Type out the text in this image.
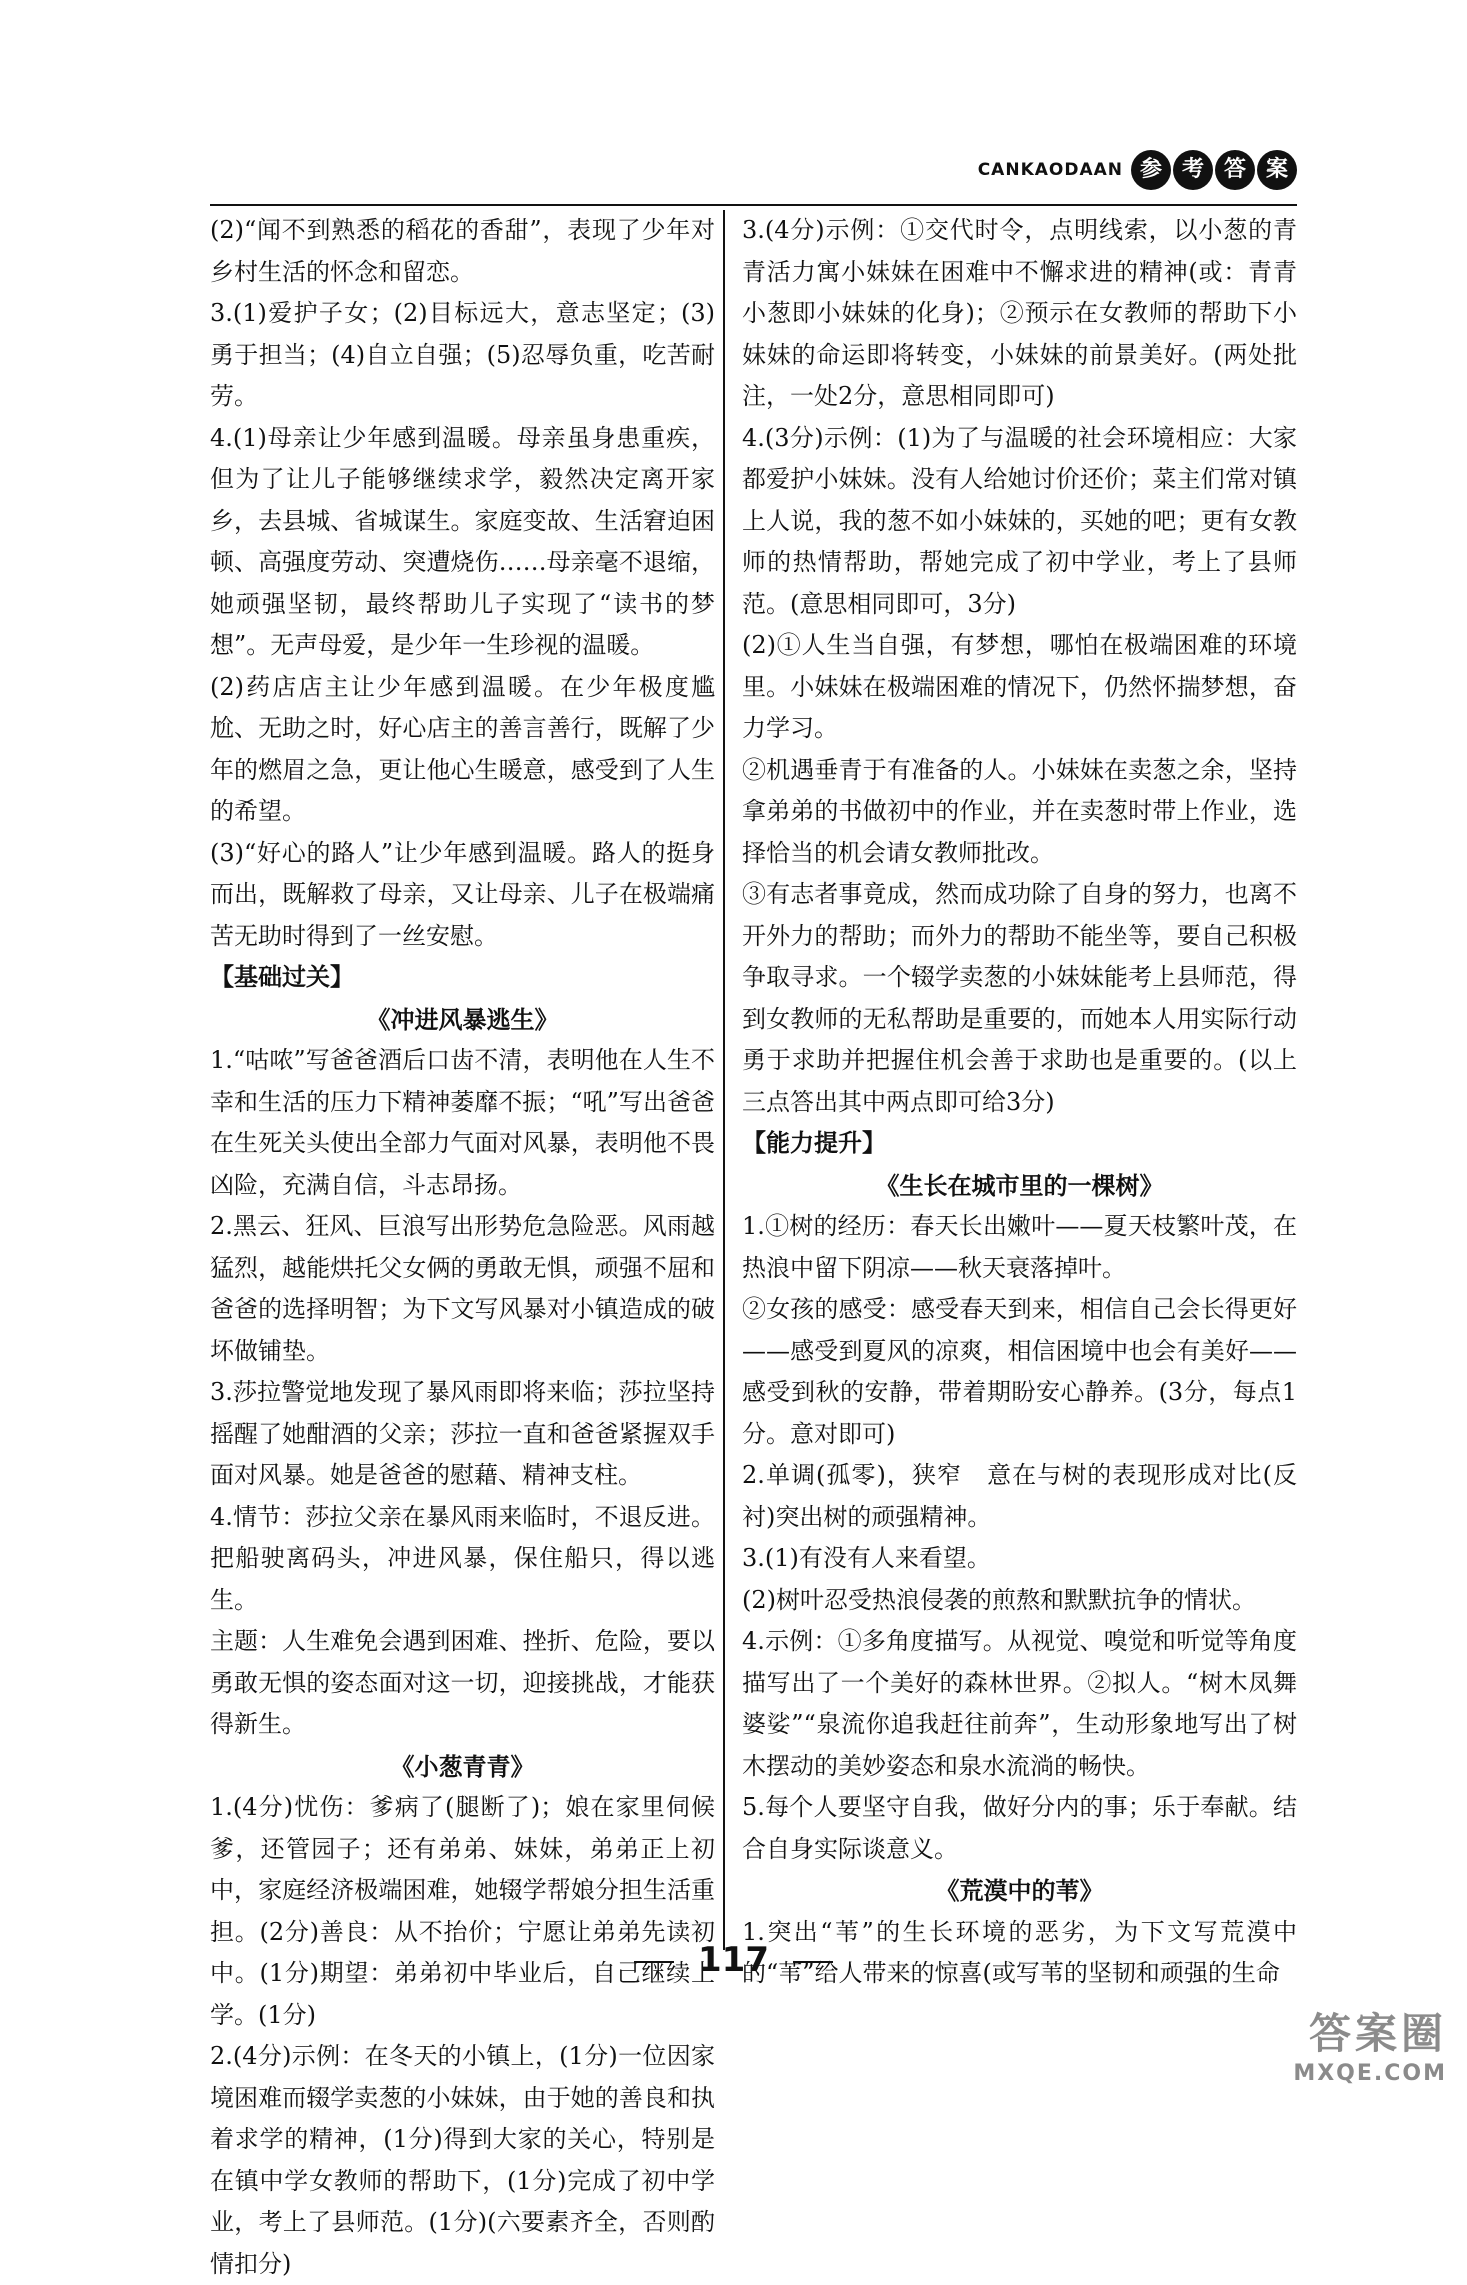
CANKAODAAN 参 考 答 案

(2)“闻不到熟悉的稻花的香甜”，表现了少年对乡村生活的怀念和留恋。

3.(1)爱护子女；(2)目标远大，意志坚定；(3)勇于担当；(4)自立自强；(5)忍辱负重，吃苦耐劳。

4.(1)母亲让少年感到温暖。母亲虽身患重疾，但为了让儿子能够继续求学，毅然决定离开家乡，去县城、省城谋生。家庭变故、生活窘迫困顿、高强度劳动、突遭烧伤……母亲毫不退缩，她顽强坚韧，最终帮助儿子实现了“读书的梦想”。无声母爱，是少年一生珍视的温暖。

(2)药店店主让少年感到温暖。在少年极度尴尬、无助之时，好心店主的善言善行，既解了少年的燃眉之急，更让他心生暖意，感受到了人生的希望。

(3)“好心的路人”让少年感到温暖。路人的挺身而出，既解救了母亲，又让母亲、儿子在极端痛苦无助时得到了一丝安慰。

【基础过关】

《冲进风暴逃生》

1.“咕哝”写爸爸酒后口齿不清，表明他在人生不幸和生活的压力下精神萎靡不振；“吼”写出爸爸在生死关头使出全部力气面对风暴，表明他不畏凶险，充满自信，斗志昂扬。

2.黑云、狂风、巨浪写出形势危急险恶。风雨越猛烈，越能烘托父女俩的勇敢无惧，顽强不屈和爸爸的选择明智；为下文写风暴对小镇造成的破坏做铺垫。

3.莎拉警觉地发现了暴风雨即将来临；莎拉坚持摇醒了她酣酒的父亲；莎拉一直和爸爸紧握双手面对风暴。她是爸爸的慰藉、精神支柱。

4.情节：莎拉父亲在暴风雨来临时，不退反进。把船驶离码头，冲进风暴，保住船只，得以逃生。

主题：人生难免会遇到困难、挫折、危险，要以勇敢无惧的姿态面对这一切，迎接挑战，才能获得新生。

《小葱青青》

1.(4分)忧伤：爹病了(腿断了)；娘在家里伺候爹，还管园子；还有弟弟、妹妹，弟弟正上初中，家庭经济极端困难，她辍学帮娘分担生活重担。(2分)善良：从不抬价；宁愿让弟弟先读初中。(1分)期望：弟弟初中毕业后，自己继续上学。(1分)

2.(4分)示例：在冬天的小镇上，(1分)一位因家境困难而辍学卖葱的小妹妹，由于她的善良和执着求学的精神，(1分)得到大家的关心，特别是在镇中学女教师的帮助下，(1分)完成了初中学业，考上了县师范。(1分)(六要素齐全，否则酌情扣分)

3.(4分)示例：①交代时令，点明线索，以小葱的青青活力寓小妹妹在困难中不懈求进的精神(或：青青小葱即小妹妹的化身)；②预示在女教师的帮助下小妹妹的命运即将转变，小妹妹的前景美好。(两处批注，一处2分，意思相同即可)

4.(3分)示例：(1)为了与温暖的社会环境相应：大家都爱护小妹妹。没有人给她讨价还价；菜主们常对镇上人说，我的葱不如小妹妹的，买她的吧；更有女教师的热情帮助，帮她完成了初中学业，考上了县师范。(意思相同即可，3分)

(2)①人生当自强，有梦想，哪怕在极端困难的环境里。小妹妹在极端困难的情况下，仍然怀揣梦想，奋力学习。

②机遇垂青于有准备的人。小妹妹在卖葱之余，坚持拿弟弟的书做初中的作业，并在卖葱时带上作业，选择恰当的机会请女教师批改。

③有志者事竟成，然而成功除了自身的努力，也离不开外力的帮助；而外力的帮助不能坐等，要自己积极争取寻求。一个辍学卖葱的小妹妹能考上县师范，得到女教师的无私帮助是重要的，而她本人用实际行动勇于求助并把握住机会善于求助也是重要的。(以上三点答出其中两点即可给3分)

【能力提升】

《生长在城市里的一棵树》

1.①树的经历：春天长出嫩叶——夏天枝繁叶茂，在热浪中留下阴凉——秋天衰落掉叶。

②女孩的感受：感受春天到来，相信自己会长得更好——感受到夏风的凉爽，相信困境中也会有美好——感受到秋的安静，带着期盼安心静养。(3分，每点1分。意对即可)

2.单调(孤零)，狭窄　意在与树的表现形成对比(反衬)突出树的顽强精神。

3.(1)有没有人来看望。

(2)树叶忍受热浪侵袭的煎熬和默默抗争的情状。

4.示例：①多角度描写。从视觉、嗅觉和听觉等角度描写出了一个美好的森林世界。②拟人。“树木凤舞婆娑”“泉流你追我赶往前奔”，生动形象地写出了树木摆动的美妙姿态和泉水流淌的畅快。

5.每个人要坚守自我，做好分内的事；乐于奉献。结合自身实际谈意义。

《荒漠中的苇》

1.突出“苇”的生长环境的恶劣，为下文写荒漠中的“苇”给人带来的惊喜(或写苇的坚韧和顽强的生命

117
答案圈
MXQE.COM
